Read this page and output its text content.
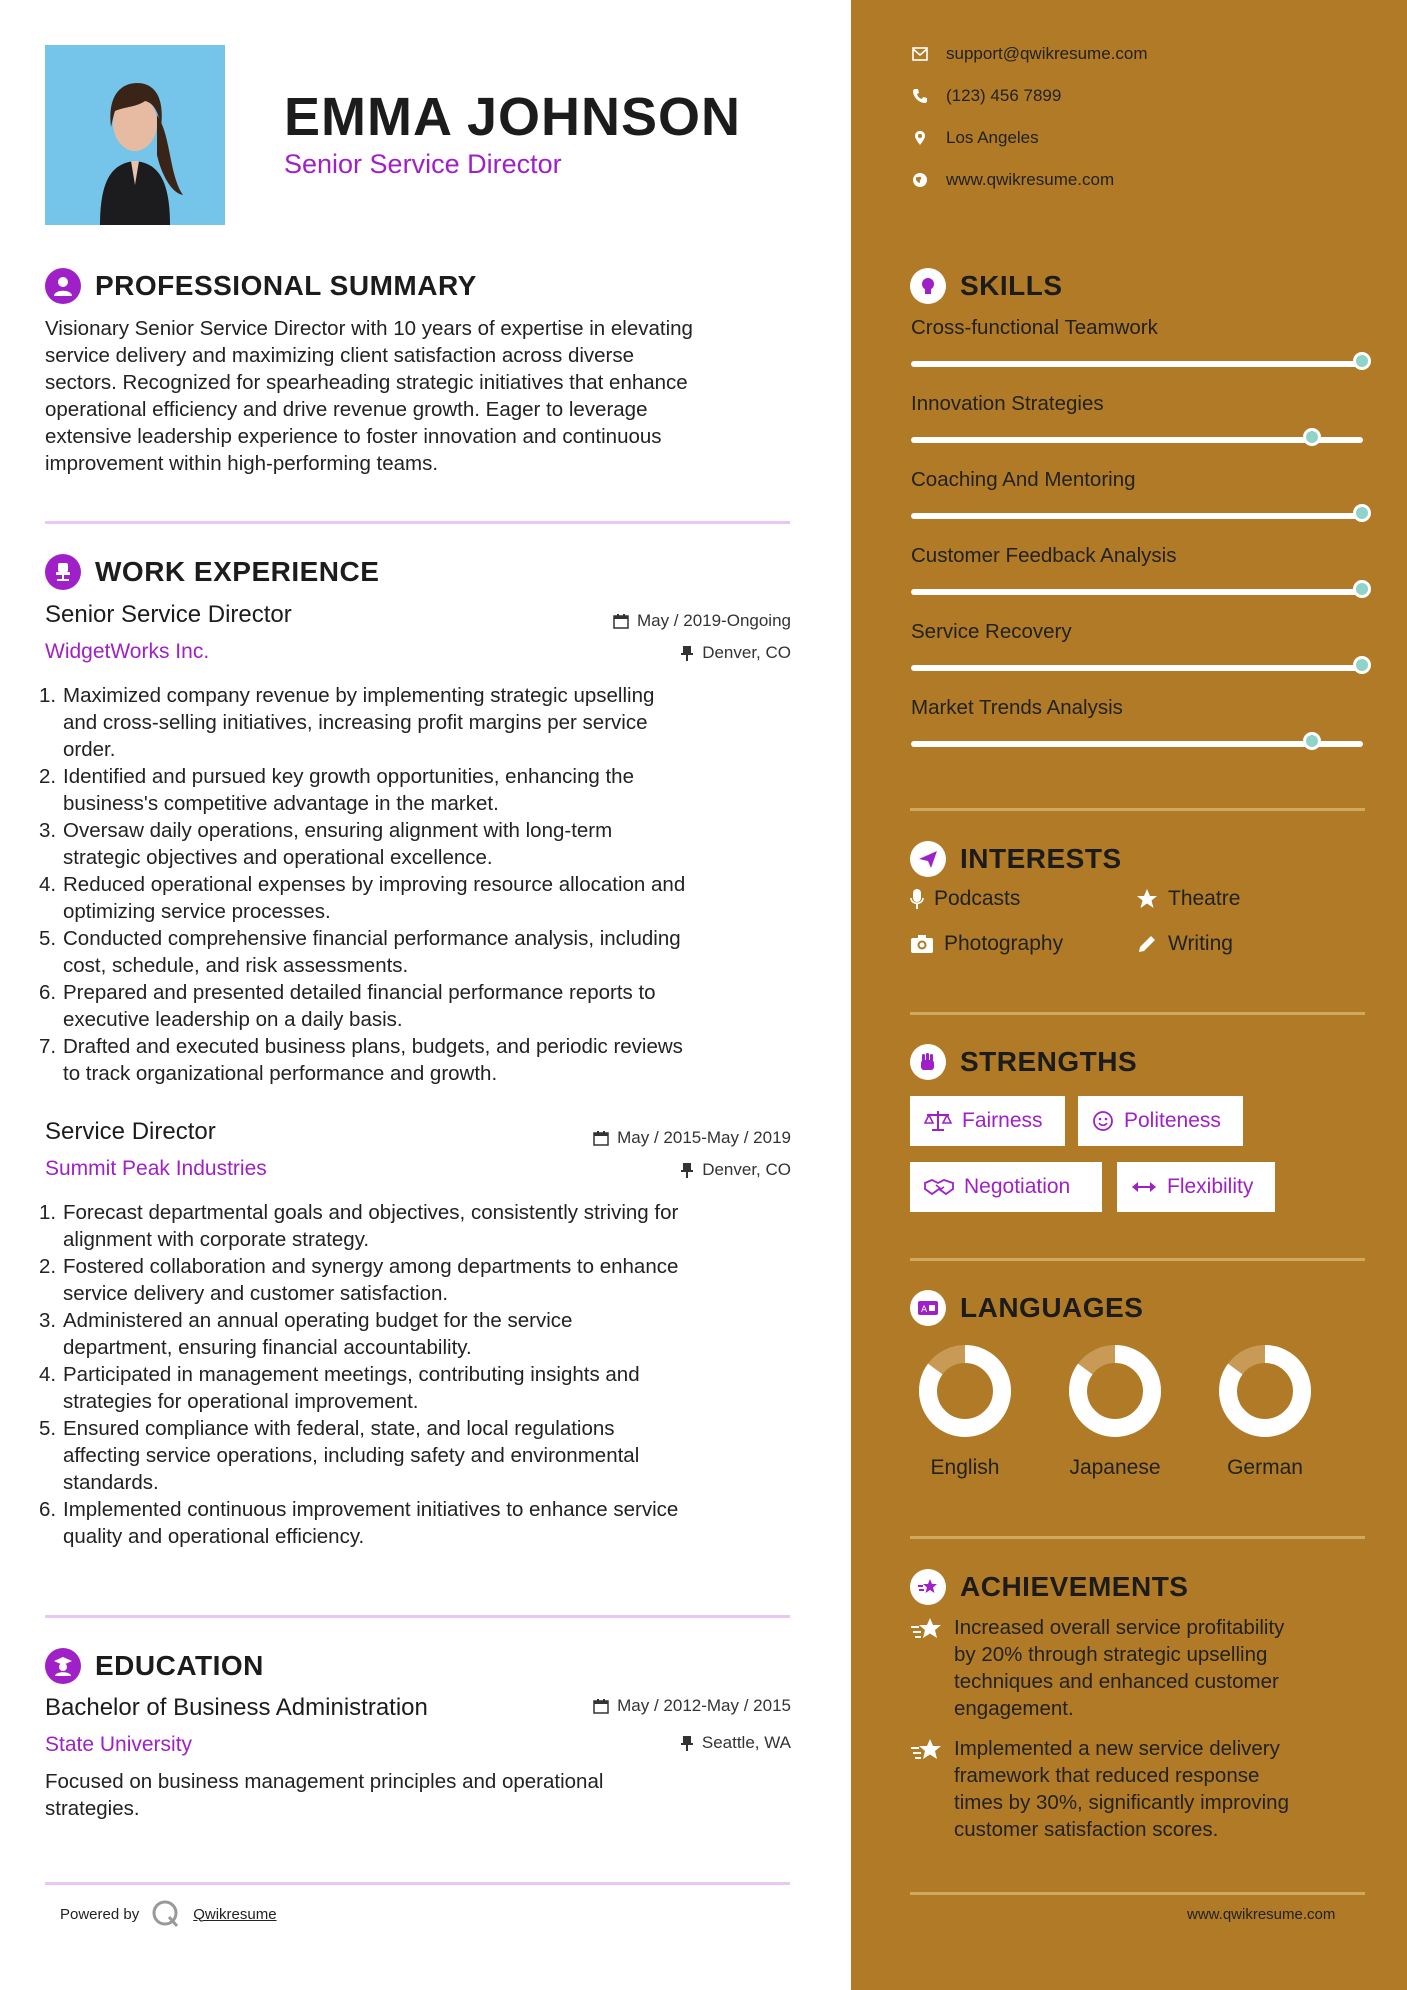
EMMA JOHNSON
Senior Service Director
PROFESSIONAL SUMMARY
Visionary Senior Service Director with 10 years of expertise in elevating
service delivery and maximizing client satisfaction across diverse
sectors. Recognized for spearheading strategic initiatives that enhance
operational efficiency and drive revenue growth. Eager to leverage
extensive leadership experience to foster innovation and continuous
improvement within high-performing teams.
WORK EXPERIENCE
Senior Service Director	May / 2019-Ongoing
WidgetWorks Inc.	Denver, CO
1. Maximized company revenue by implementing strategic upselling
and cross-selling initiatives, increasing profit margins per service
order.
2. Identified and pursued key growth opportunities, enhancing the
business's competitive advantage in the market.
3. Oversaw daily operations, ensuring alignment with long-term
strategic objectives and operational excellence.
4. Reduced operational expenses by improving resource allocation and
optimizing service processes.
5. Conducted comprehensive financial performance analysis, including
cost, schedule, and risk assessments.
6. Prepared and presented detailed financial performance reports to
executive leadership on a daily basis.
7. Drafted and executed business plans, budgets, and periodic reviews
to track organizational performance and growth.
Service Director	May / 2015-May / 2019
Summit Peak Industries	Denver, CO
1. Forecast departmental goals and objectives, consistently striving for
alignment with corporate strategy.
2. Fostered collaboration and synergy among departments to enhance
service delivery and customer satisfaction.
3. Administered an annual operating budget for the service
department, ensuring financial accountability.
4. Participated in management meetings, contributing insights and
strategies for operational improvement.
5. Ensured compliance with federal, state, and local regulations
affecting service operations, including safety and environmental
standards.
6. Implemented continuous improvement initiatives to enhance service
quality and operational efficiency.
EDUCATION
Bachelor of Business Administration	May / 2012-May / 2015
State University	Seattle, WA
Focused on business management principles and operational
strategies.
Powered by	Qwikresume
support@qwikresume.com
(123) 456 7899
Los Angeles
www.qwikresume.com
SKILLS
Cross-functional Teamwork
Innovation Strategies
Coaching And Mentoring
Customer Feedback Analysis
Service Recovery
Market Trends Analysis
INTERESTS
Podcasts	Theatre
Photography	Writing
STRENGTHS
Fairness	Politeness
Negotiation	Flexibility
A LANGUAGES
English	Japanese	German
ACHIEVEMENTS
Increased overall service profitability
by 20% through strategic upselling
techniques and enhanced customer
engagement.
Implemented a new service delivery
framework that reduced response
times by 30%, significantly improving
customer satisfaction scores.
www.qwikresume.com
